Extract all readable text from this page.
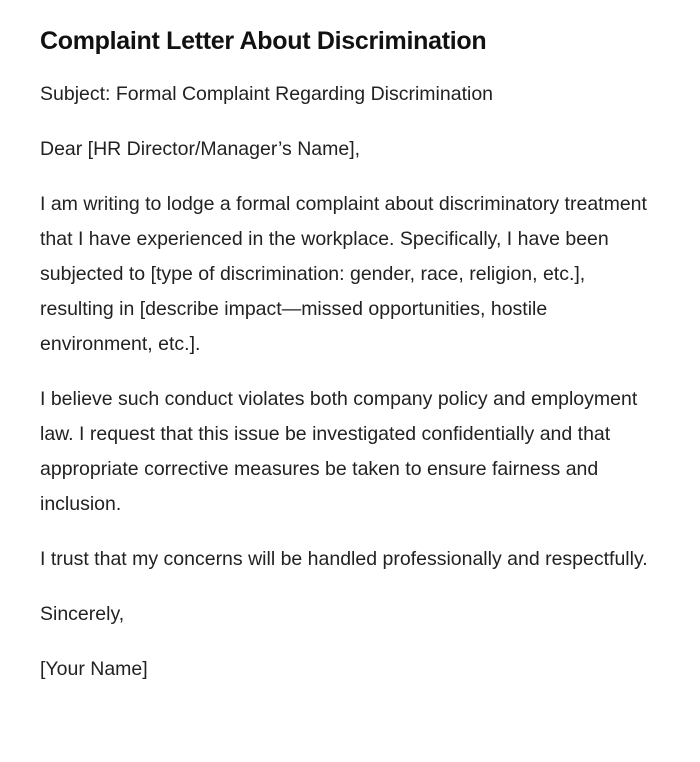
Complaint Letter About Discrimination

Subject: Formal Complaint Regarding Discrimination

Dear [HR Director/Manager’s Name],

I am writing to lodge a formal complaint about discriminatory treatment that I have experienced in the workplace. Specifically, I have been subjected to [type of discrimination: gender, race, religion, etc.], resulting in [describe impact—missed opportunities, hostile environment, etc.].

I believe such conduct violates both company policy and employment law. I request that this issue be investigated confidentially and that appropriate corrective measures be taken to ensure fairness and inclusion.

I trust that my concerns will be handled professionally and respectfully.

Sincerely,

[Your Name]
